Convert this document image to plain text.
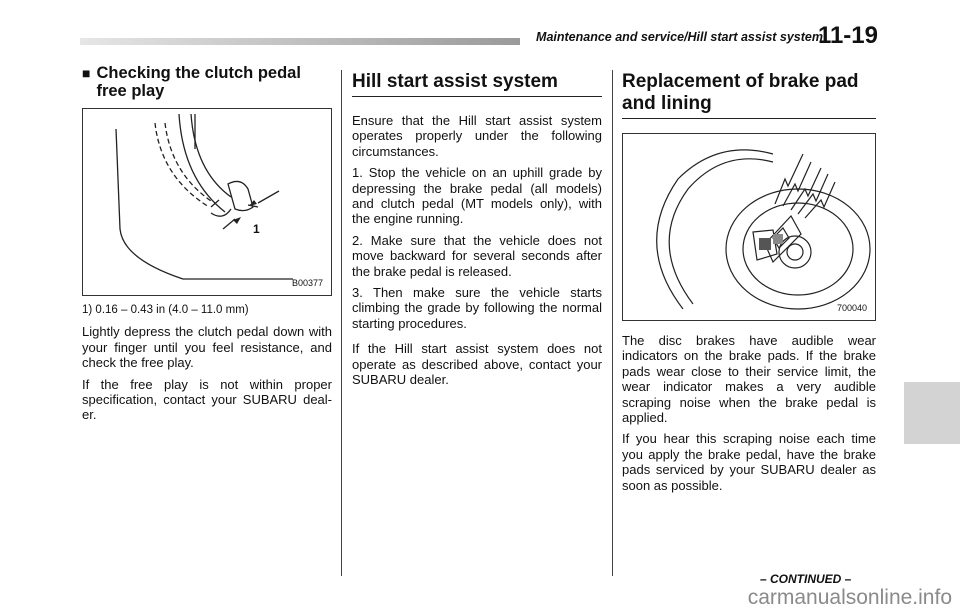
Maintenance and service/Hill start assist system
11-19
■ Checking the clutch pedal
free play
1
B00377
1) 0.16 – 0.43 in (4.0 – 11.0 mm)

Lightly depress the clutch pedal down with your finger until you feel resistance, and check the free play.

If the free play is not within proper specification, contact your SUBARU deal-er.

Hill start assist system

Ensure that the Hill start assist system operates properly under the following circumstances.

1. Stop the vehicle on an uphill grade by depressing the brake pedal (all models) and clutch pedal (MT models only), with the engine running.

2. Make sure that the vehicle does not move backward for several seconds after the brake pedal is released.

3. Then make sure the vehicle starts climbing the grade by following the normal starting procedures.

If the Hill start assist system does not operate as described above, contact your SUBARU dealer.

Replacement of brake pad
and lining
700040

The disc brakes have audible wear indicators on the brake pads. If the brake pads wear close to their service limit, the wear indicator makes a very audible scraping noise when the brake pedal is applied.

If you hear this scraping noise each time you apply the brake pedal, have the brake pads serviced by your SUBARU dealer as soon as possible.

– CONTINUED –
carmanualsonline.info
